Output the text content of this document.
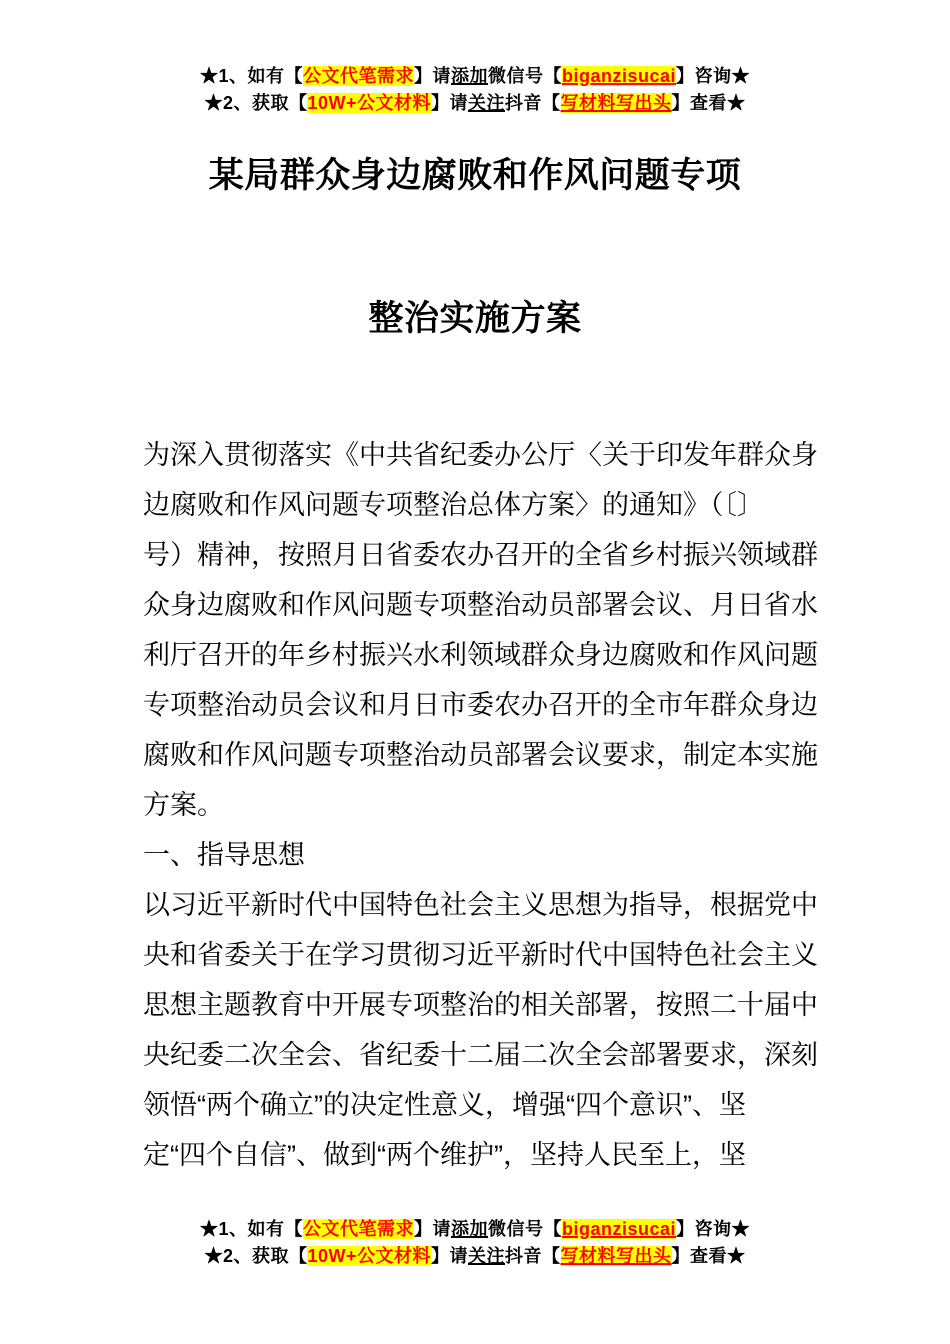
★1、如有【公文代笔需求】请添加微信号【biganzisucai】咨询★
★2、获取【10W+公文材料】请关注抖音【写材料写出头】查看★
某局群众身边腐败和作风问题专项
整治实施方案
为深入贯彻落实《中共省纪委办公厅〈关于印发年群众身
边腐败和作风问题专项整治总体方案〉的通知》（〔〕
号）精神，按照月日省委农办召开的全省乡村振兴领域群
众身边腐败和作风问题专项整治动员部署会议、月日省水
利厅召开的年乡村振兴水利领域群众身边腐败和作风问题
专项整治动员会议和月日市委农办召开的全市年群众身边
腐败和作风问题专项整治动员部署会议要求，制定本实施
方案。
一、指导思想
以习近平新时代中国特色社会主义思想为指导，根据党中
央和省委关于在学习贯彻习近平新时代中国特色社会主义
思想主题教育中开展专项整治的相关部署，按照二十届中
央纪委二次全会、省纪委十二届二次全会部署要求，深刻
领悟“两个确立”的决定性意义，增强“四个意识”、坚
定“四个自信”、做到“两个维护”，坚持人民至上，坚
★1、如有【公文代笔需求】请添加微信号【biganzisucai】咨询★
★2、获取【10W+公文材料】请关注抖音【写材料写出头】查看★
